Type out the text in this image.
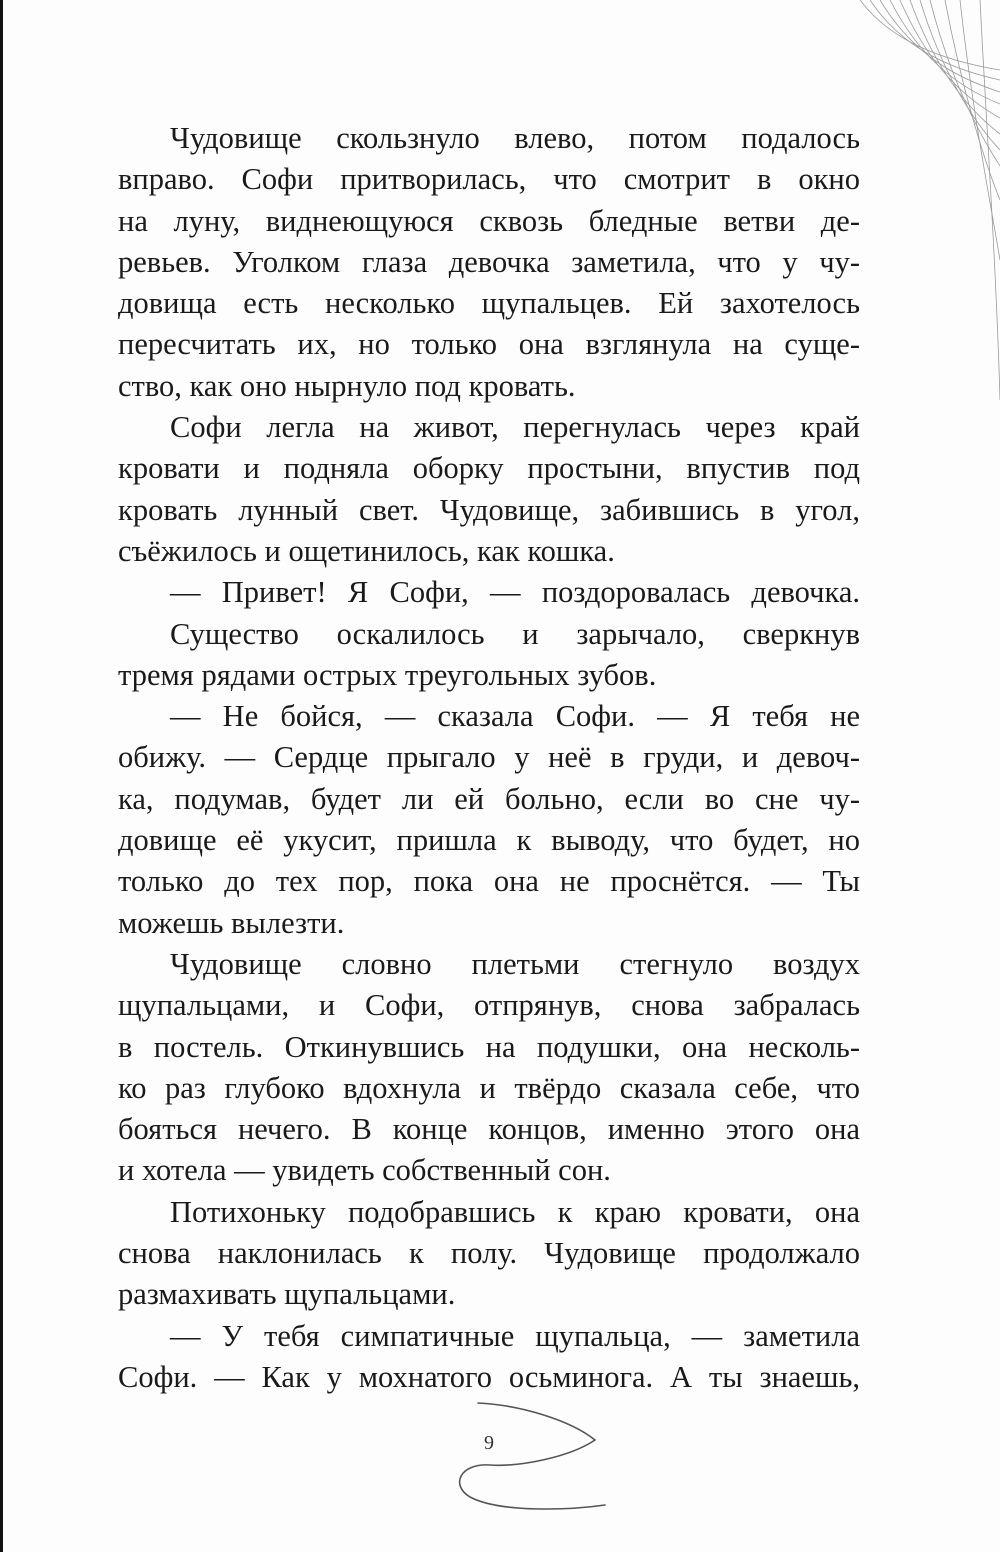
Чудовище скользнуло влево, потом подалось
вправо. Софи притворилась, что смотрит в окно
на луну, виднеющуюся сквозь бледные ветви де-
ревьев. Уголком глаза девочка заметила, что у чу-
довища есть несколько щупальцев. Ей захотелось
пересчитать их, но только она взглянула на суще-
ство, как оно нырнуло под кровать.
Софи легла на живот, перегнулась через край
кровати и подняла оборку простыни, впустив под
кровать лунный свет. Чудовище, забившись в угол,
съёжилось и ощетинилось, как кошка.
— Привет! Я Софи, — поздоровалась девочка.
Существо оскалилось и зарычало, сверкнув
тремя рядами острых треугольных зубов.
— Не бойся, — сказала Софи. — Я тебя не
обижу. — Сердце прыгало у неё в груди, и девоч-
ка, подумав, будет ли ей больно, если во сне чу-
довище её укусит, пришла к выводу, что будет, но
только до тех пор, пока она не проснётся. — Ты
можешь вылезти.
Чудовище словно плетьми стегнуло воздух
щупальцами, и Софи, отпрянув, снова забралась
в постель. Откинувшись на подушки, она несколь-
ко раз глубоко вдохнула и твёрдо сказала себе, что
бояться нечего. В конце концов, именно этого она
и хотела — увидеть собственный сон.
Потихоньку подобравшись к краю кровати, она
снова наклонилась к полу. Чудовище продолжало
размахивать щупальцами.
— У тебя симпатичные щупальца, — заметила
Софи. — Как у мохнатого осьминога. А ты знаешь,
9
